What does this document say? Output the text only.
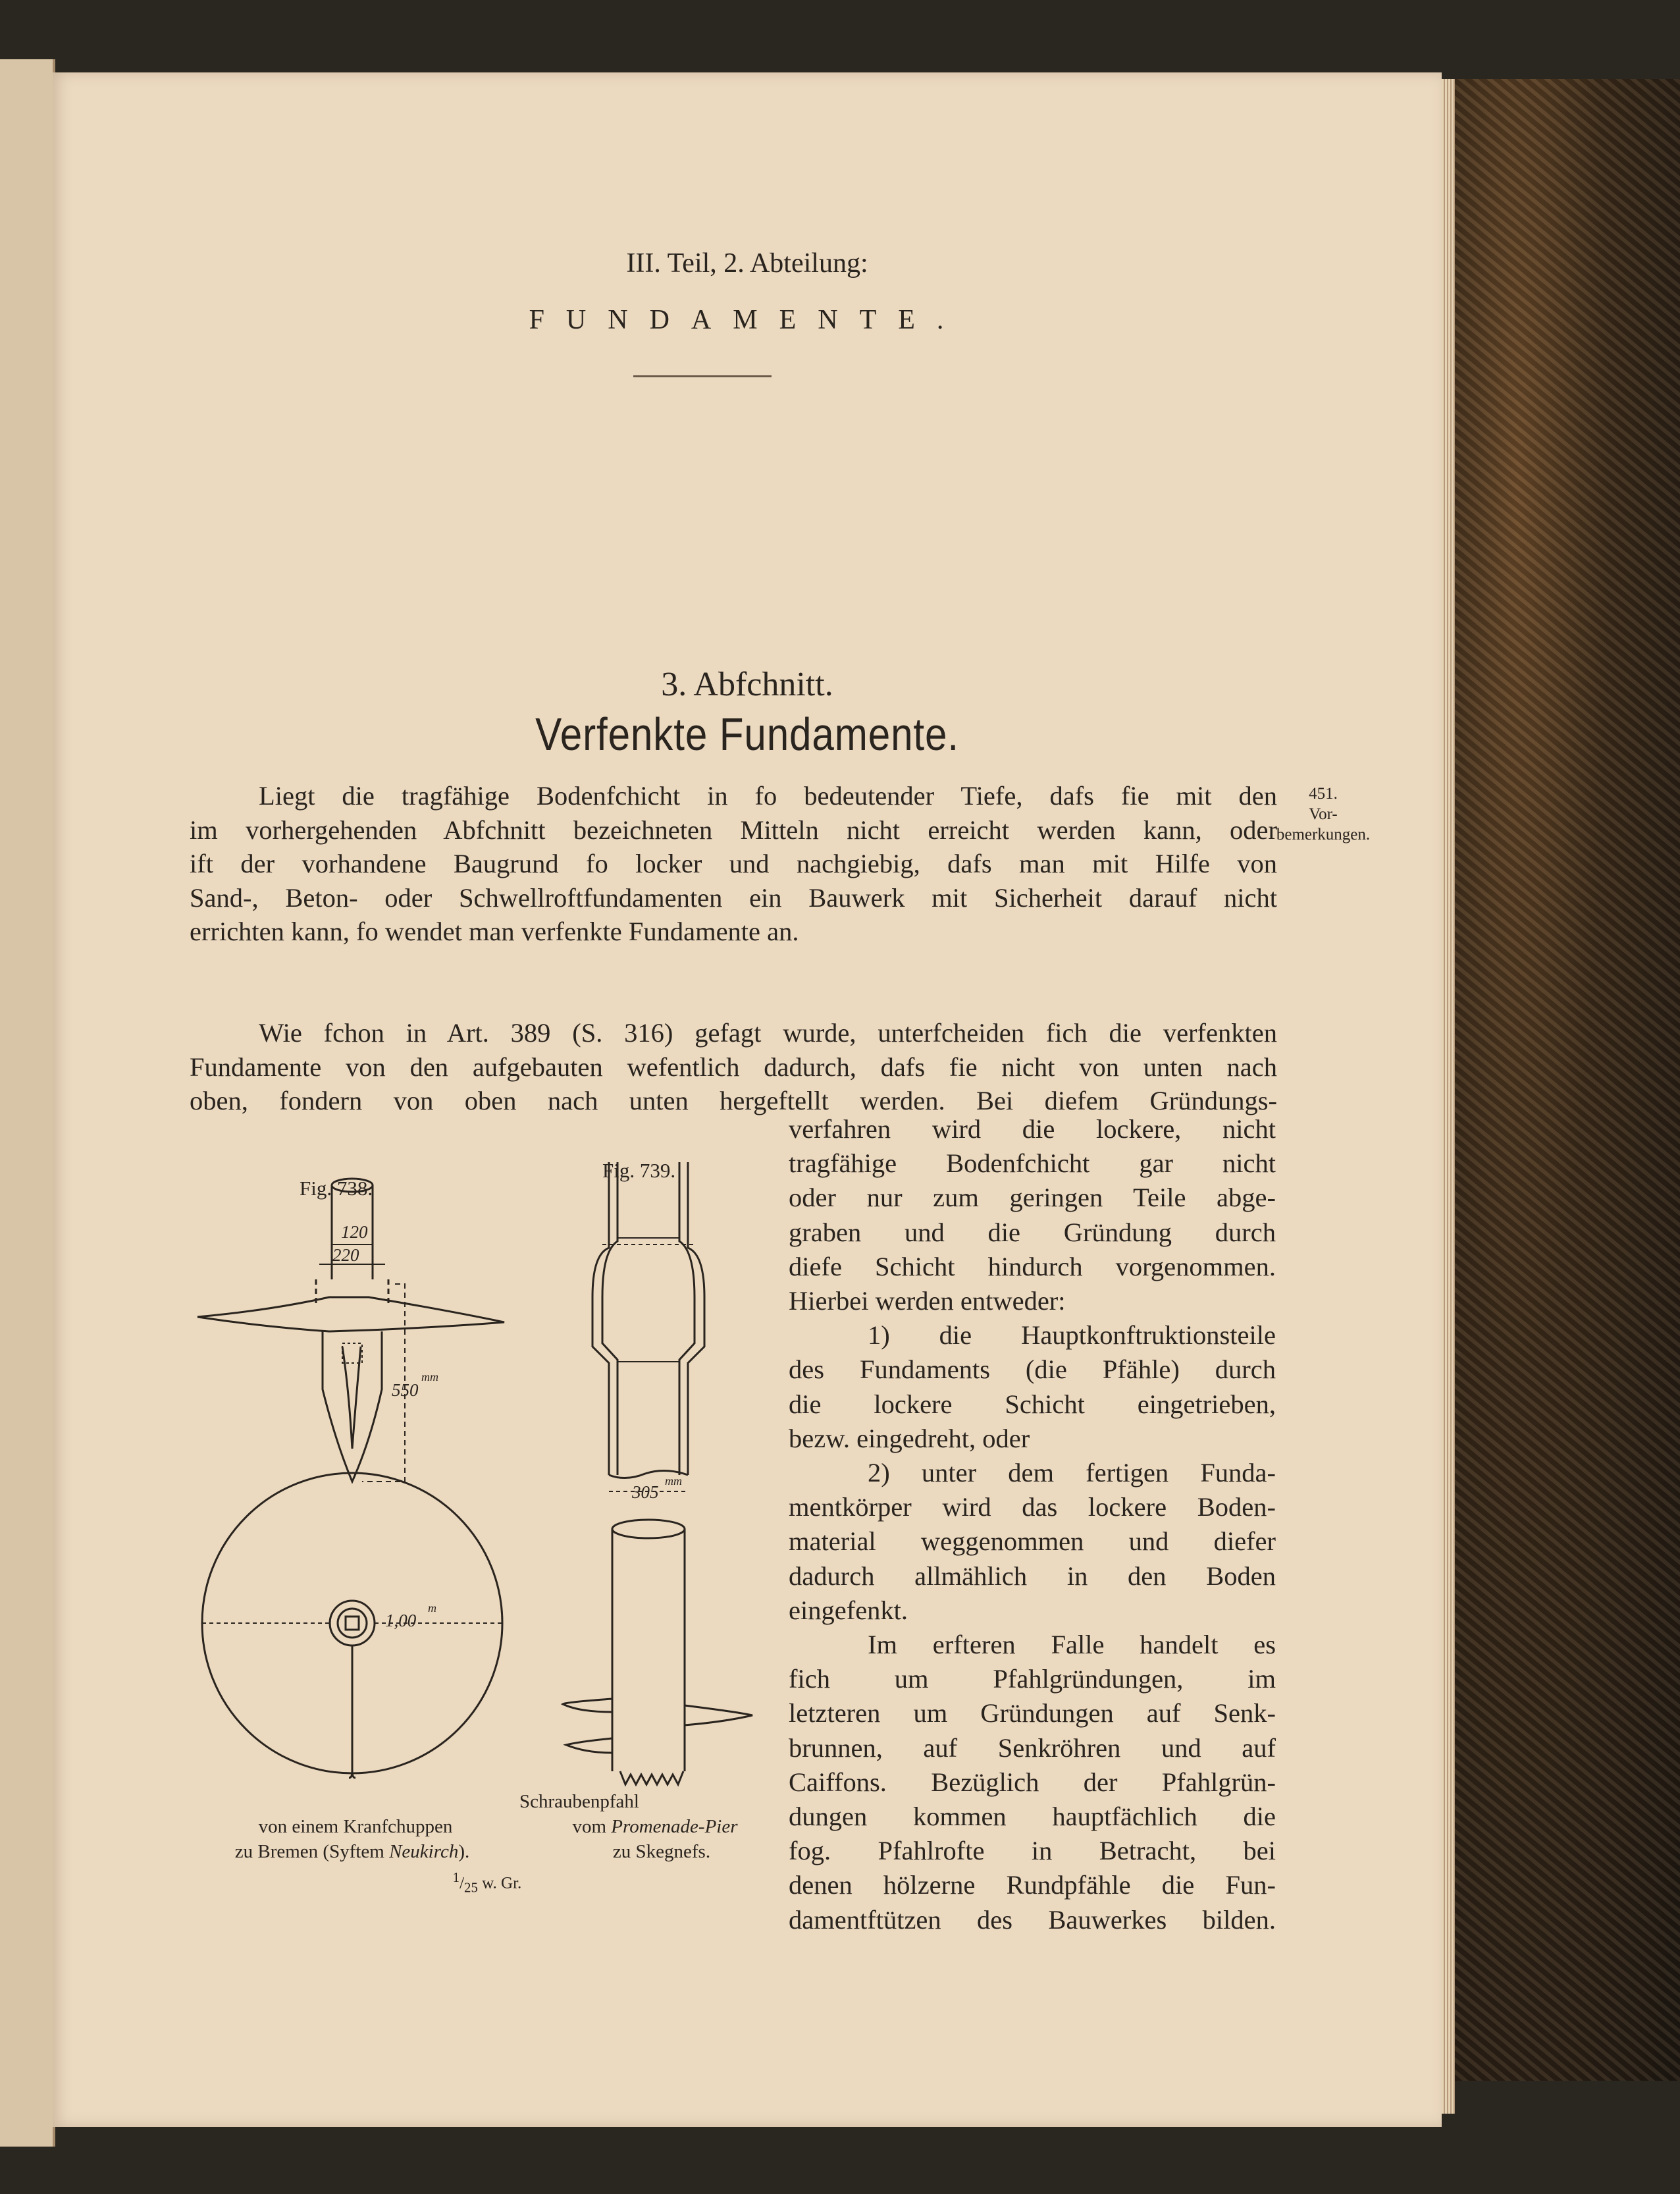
III. Teil, 2. Abteilung:
FUNDAMENTE.
3. Abfchnitt.
Verfenkte Fundamente.
451.
Vor-
bemerkungen.
Liegt die tragfähige Bodenfchicht in fo bedeutender Tiefe, dafs fie mit den
im vorhergehenden Abfchnitt bezeichneten Mitteln nicht erreicht werden kann, oder
ift der vorhandene Baugrund fo locker und nachgiebig, dafs man mit Hilfe von
Sand-, Beton- oder Schwellroftfundamenten ein Bauwerk mit Sicherheit darauf nicht
errichten kann, fo wendet man verfenkte Fundamente an.
Wie fchon in Art. 389 (S. 316) gefagt wurde, unterfcheiden fich die verfenkten
Fundamente von den aufgebauten wefentlich dadurch, dafs fie nicht von unten nach
oben, fondern von oben nach unten hergeftellt werden. Bei diefem Gründungs-
verfahren wird die lockere, nicht
tragfähige Bodenfchicht gar nicht
oder nur zum geringen Teile abge-
graben und die Gründung durch
diefe Schicht hindurch vorgenommen.
Hierbei werden entweder:
1) die Hauptkonftruktionsteile
des Fundaments (die Pfähle) durch
die lockere Schicht eingetrieben,
bezw. eingedreht, oder
2) unter dem fertigen Funda-
mentkörper wird das lockere Boden-
material weggenommen und diefer
dadurch allmählich in den Boden
eingefenkt.
Im erfteren Falle handelt es
fich um Pfahlgründungen, im
letzteren um Gründungen auf Senk-
brunnen, auf Senkröhren und auf
Caiffons. Bezüglich der Pfahlgrün-
dungen kommen hauptfächlich die
fog. Pfahlrofte in Betracht, bei
denen hölzerne Rundpfähle die Fun-
damentftützen des Bauwerkes bilden.
Fig. 738.
Fig. 739.
120
220
550
mm
1,00
m
305
mm
Schraubenpfahl
von einem Kranfchuppen
zu Bremen (Syftem Neukirch).
vom Promenade-Pier
zu Skegnefs.
$^1/_{25}$ w. Gr.
